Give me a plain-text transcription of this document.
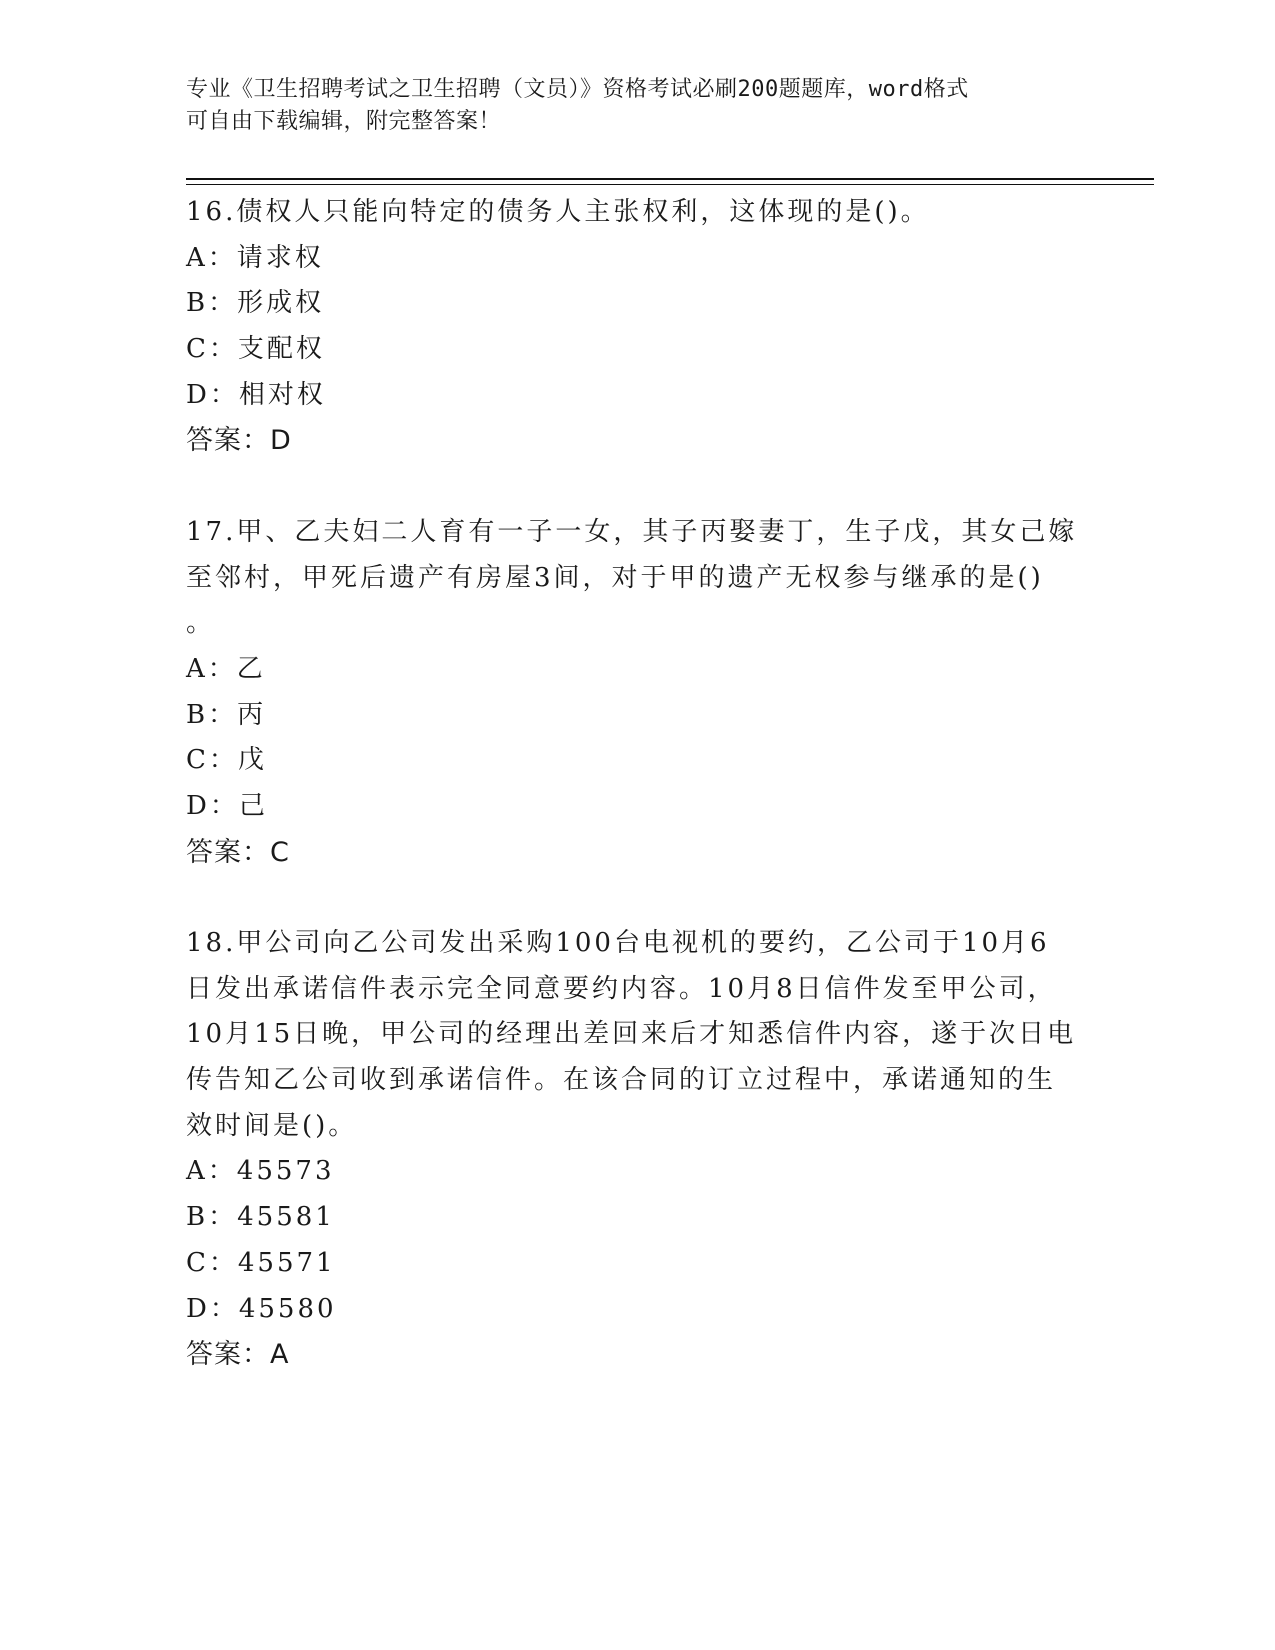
专业《卫生招聘考试之卫生招聘（文员）》资格考试必刷200题题库，word格式
可自由下载编辑，附完整答案！
16.债权人只能向特定的债务人主张权利，这体现的是()。
A：请求权
B：形成权
C：支配权
D：相对权
答案：D
17.甲、乙夫妇二人育有一子一女，其子丙娶妻丁，生子戊，其女己嫁
至邻村，甲死后遗产有房屋3间，对于甲的遗产无权参与继承的是()
。
A：乙
B：丙
C：戊
D：己
答案：C
18.甲公司向乙公司发出采购100台电视机的要约，乙公司于10月6
日发出承诺信件表示完全同意要约内容。10月8日信件发至甲公司，
10月15日晚，甲公司的经理出差回来后才知悉信件内容，遂于次日电
传告知乙公司收到承诺信件。在该合同的订立过程中，承诺通知的生
效时间是()。
A：45573
B：45581
C：45571
D：45580
答案：A
